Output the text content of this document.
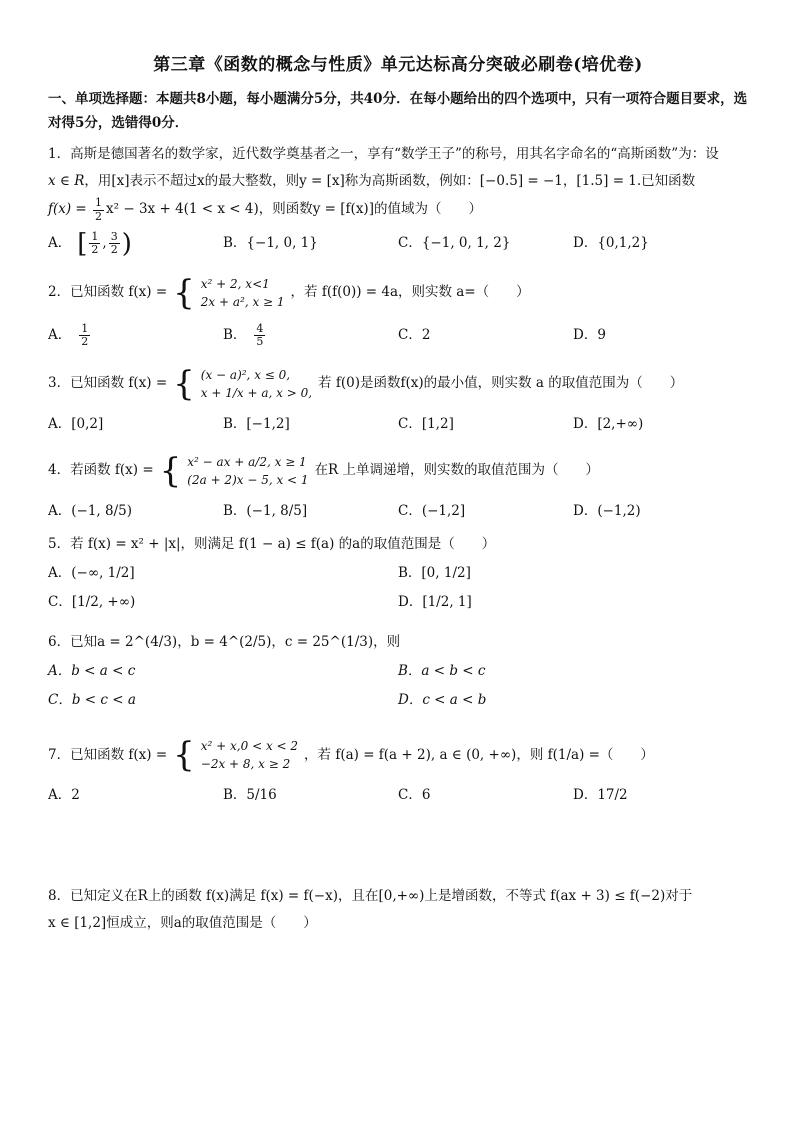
第三章《函数的概念与性质》单元达标高分突破必刷卷(培优卷)
一、单项选择题：本题共8小题，每小题满分5分，共40分．在每小题给出的四个选项中，只有一项符合题目要求，选对得5分，选错得0分．
1．高斯是德国著名的数学家，近代数学奠基者之一，享有“数学王子”的称号，用其名字命名的“高斯函数”为：设
x ∈ R，用[x]表示不超过x的最大整数，则y = [x]称为高斯函数，例如：[−0.5] = −1，[1.5] = 1.已知函数
$f(x) = \frac{1}{2} x^2 - 3x + 4(1 < x < 4)$，则函数y = [f(x)]的值域为（　　）
A． [ $\frac{1}{2}$ , $\frac{3}{2}$ )	B．{−1, 0, 1}	C．{−1, 0, 1, 2}	D．{0,1,2}
2．已知函数 f(x) = { x² + 2, x<1
2x + a², x ≥ 1
，若 f(f(0)) = 4a，则实数 a=（　　）
A． $\frac{1}{2}$	B． $\frac{4}{5}$	C．2	D．9
3．已知函数 f(x) = { (x − a)², x ≤ 0,
x + 1/x + a, x > 0,
若 f(0)是函数f(x)的最小值，则实数 a 的取值范围为（　　）
A．[0,2]	B．[−1,2]	C．[1,2]	D．[2,+∞)
4．若函数 f(x) = { x² − ax + a/2, x ≥ 1
(2a + 2)x − 5, x < 1
在R 上单调递增，则实数的取值范围为（　　）
A．(−1, 8/5)	B．(−1, 8/5]	C．(−1,2]	D．(−1,2)
5．若 f(x) = x² + |x|，则满足 f(1 − a) ≤ f(a) 的a的取值范围是（　　）
A．(−∞, 1/2]	B．[0, 1/2]
C．[1/2, +∞)	D．[1/2, 1]
6．已知a = 2^(4/3)，b = 4^(2/5)，c = 25^(1/3)，则
A．b < a < c	B．a < b < c
C．b < c < a	D．c < a < b
7．已知函数 f(x) = { x² + x,0 < x < 2
−2x + 8, x ≥ 2
，若 f(a) = f(a + 2), a ∈ (0, +∞)，则 f(1/a) =（　　）
A．2	B．5/16	C．6	D．17/2
8．已知定义在R上的函数 f(x)满足 f(x) = f(−x)，且在[0,+∞)上是增函数，不等式 f(ax + 3) ≤ f(−2)对于
x ∈ [1,2]恒成立，则a的取值范围是（　　）
